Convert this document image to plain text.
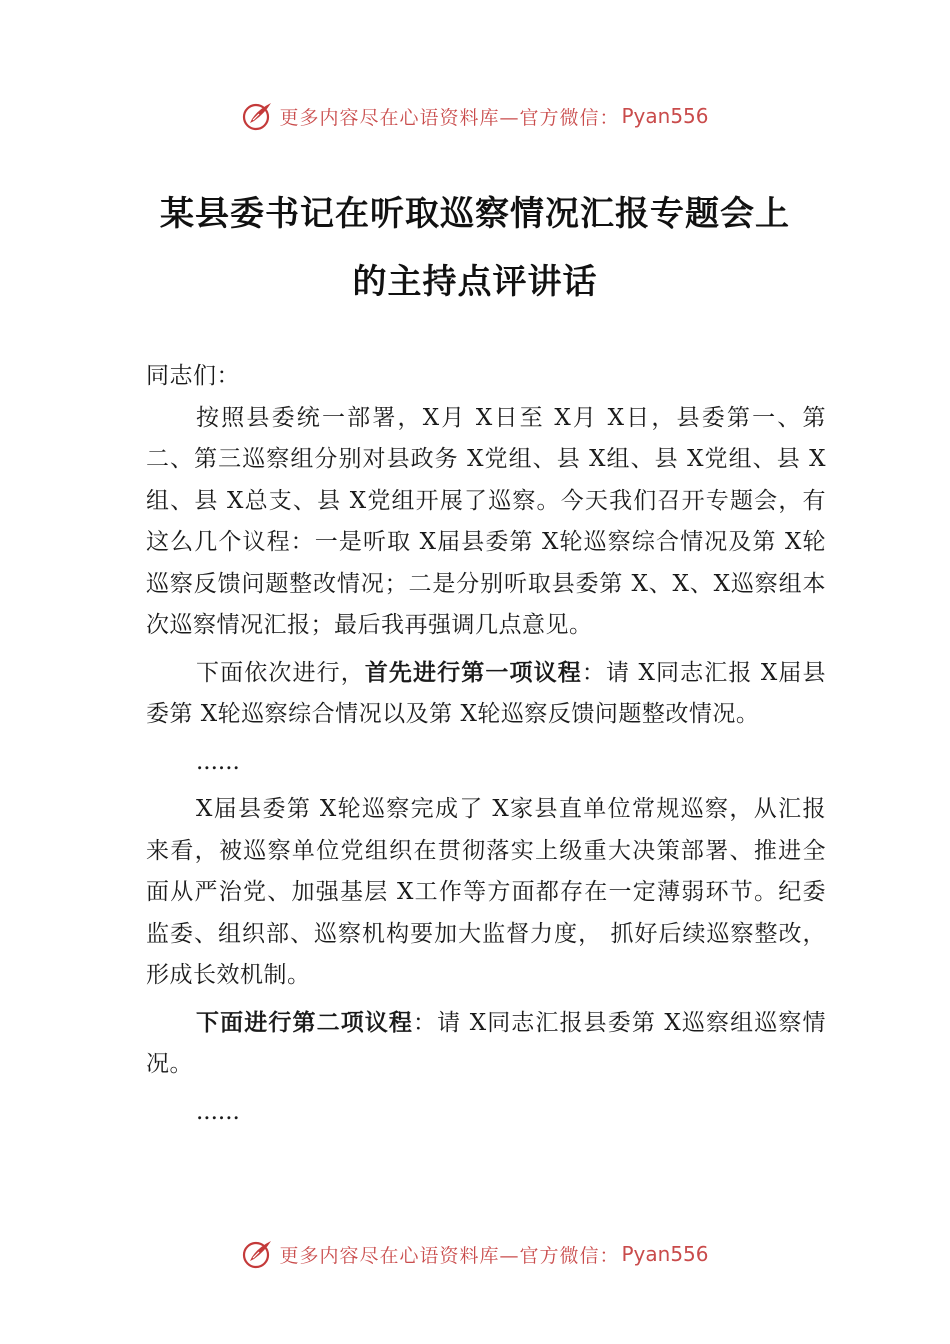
更多内容尽在心语资料库—官方微信： Pyan556
某县委书记在听取巡察情况汇报专题会上
的主持点评讲话

同志们：

按照县委统一部署，X月 X日至 X月 X日，县委第一、第二、第三巡察组分别对县政务 X党组、县 X组、县 X党组、县 X组、县 X总支、县 X党组开展了巡察。今天我们召开专题会，有这么几个议程：一是听取 X届县委第 X轮巡察综合情况及第 X轮巡察反馈问题整改情况；二是分别听取县委第 X、X、X巡察组本次巡察情况汇报；最后我再强调几点意见。

下面依次进行，首先进行第一项议程：请 X同志汇报 X届县委第 X轮巡察综合情况以及第 X轮巡察反馈问题整改情况。

......

X届县委第 X轮巡察完成了 X家县直单位常规巡察，从汇报来看，被巡察单位党组织在贯彻落实上级重大决策部署、推进全面从严治党、加强基层 X工作等方面都存在一定薄弱环节。纪委监委、组织部、巡察机构要加大监督力度， 抓好后续巡察整改，形成长效机制。

下面进行第二项议程：请 X同志汇报县委第 X巡察组巡察情况。

......

更多内容尽在心语资料库—官方微信： Pyan556
